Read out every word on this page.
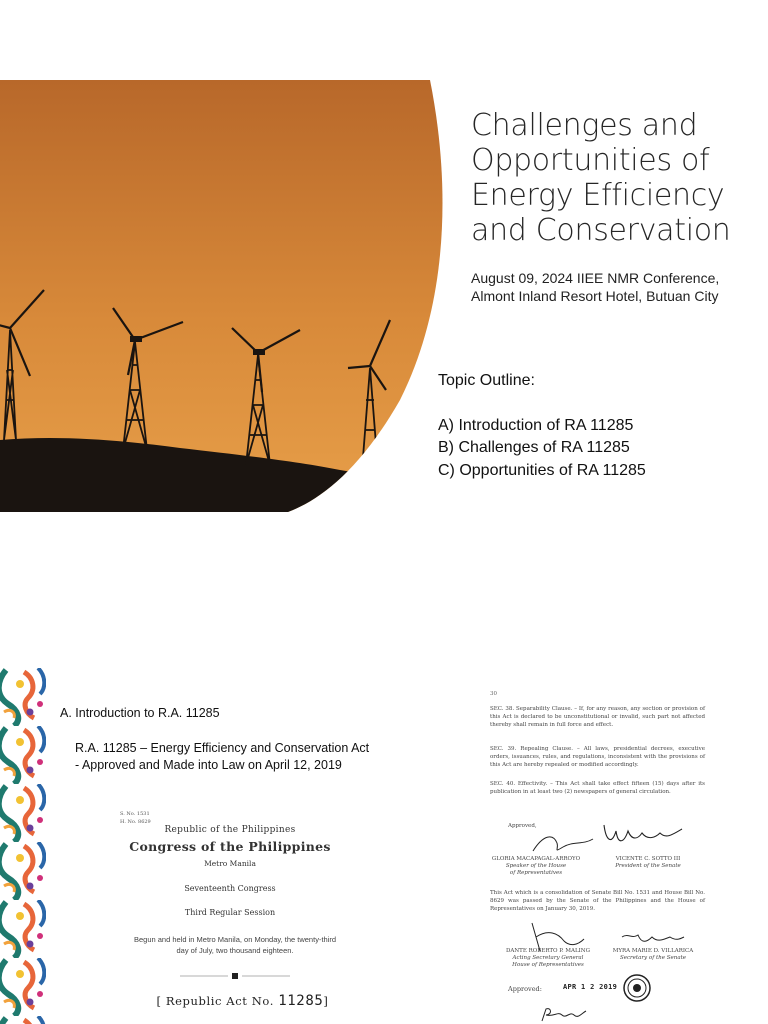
Challenges and Opportunities of Energy Efficiency and Conservation
August 09, 2024 IIEE NMR Conference,
Almont Inland Resort Hotel, Butuan City
Topic Outline:
A) Introduction of RA 11285
B) Challenges of RA 11285
C) Opportunities of RA 11285
A. Introduction to R.A. 11285
R.A. 11285 – Energy Efficiency and Conservation Act
- Approved and Made into Law on April 12, 2019
S. No. 1531
H. No. 8629
Republic of the Philippines
Congress of the Philippines
Metro Manila
Seventeenth Congress
Third Regular Session
Begun and held in Metro Manila, on Monday, the twenty-third
day of July, two thousand eighteen.
[ Republic Act No. 11285]
30
SEC. 38. Separability Clause. – If, for any reason, any section or provision of this Act is declared to be unconstitutional or invalid, such part not affected thereby shall remain in full force and effect.
SEC. 39. Repealing Clause. – All laws, presidential decrees, executive orders, issuances, rules, and regulations, inconsistent with the provisions of this Act are hereby repealed or modified accordingly.
SEC. 40. Effectivity. – This Act shall take effect fifteen (15) days after its publication in at least two (2) newspapers of general circulation.
Approved,
GLORIA MACAPAGAL-ARROYO
Speaker of the House
of Representatives
VICENTE C. SOTTO III
President of the Senate
This Act which is a consolidation of Senate Bill No. 1531 and House Bill No. 8629 was passed by the Senate of the Philippines and the House of Representatives on January 30, 2019.
DANTE ROBERTO P. MALING
Acting Secretary General
House of Representatives
MYRA MARIE D. VILLARICA
Secretary of the Senate
Approved:	APR 1 2 2019
